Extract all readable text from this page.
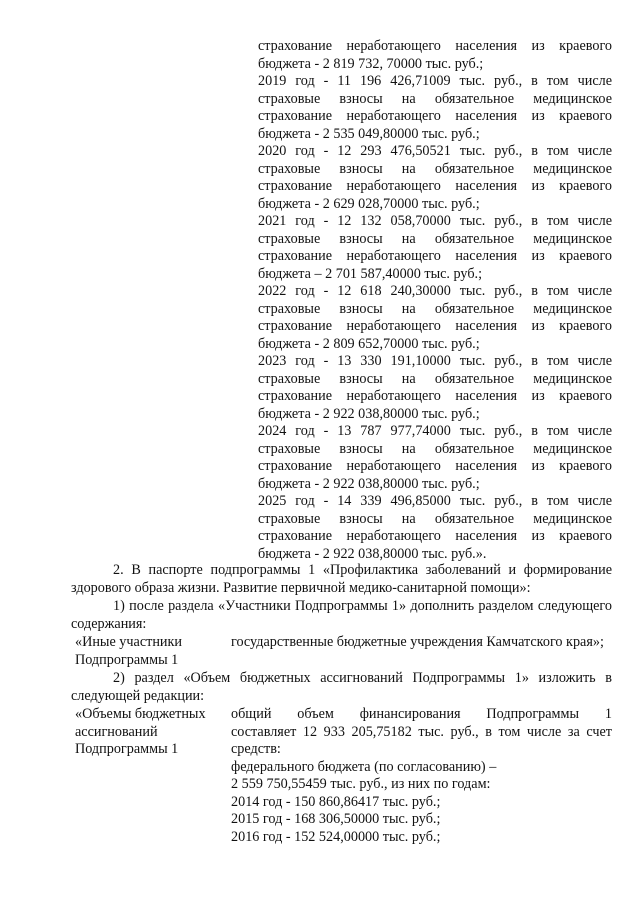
страхование неработающего населения из краевого

бюджета - 2 819 732, 70000 тыс. руб.;

2019 год - 11 196 426,71009 тыс. руб., в том числе

страховые взносы на обязательное медицинское

страхование неработающего населения из краевого

бюджета - 2 535 049,80000 тыс. руб.;

2020 год - 12 293 476,50521 тыс. руб., в том числе

страховые взносы на обязательное медицинское

страхование неработающего населения из краевого

бюджета - 2 629 028,70000 тыс. руб.;

2021 год - 12 132 058,70000 тыс. руб., в том числе

страховые взносы на обязательное медицинское

страхование неработающего населения из краевого

бюджета – 2 701 587,40000 тыс. руб.;

2022 год - 12 618 240,30000 тыс. руб., в том числе

страховые взносы на обязательное медицинское

страхование неработающего населения из краевого

бюджета - 2 809 652,70000 тыс. руб.;

2023 год - 13 330 191,10000 тыс. руб., в том числе

страховые взносы на обязательное медицинское

страхование неработающего населения из краевого

бюджета - 2 922 038,80000 тыс. руб.;

2024 год - 13 787 977,74000 тыс. руб., в том числе

страховые взносы на обязательное медицинское

страхование неработающего населения из краевого

бюджета - 2 922 038,80000 тыс. руб.;

2025 год - 14 339 496,85000 тыс. руб., в том числе

страховые взносы на обязательное медицинское

страхование неработающего населения из краевого

бюджета - 2 922 038,80000 тыс. руб.».

2. В паспорте подпрограммы 1 «Профилактика заболеваний и формирование здорового образа жизни. Развитие первичной медико-санитарной помощи»:

1) после раздела «Участники Подпрограммы 1» дополнить разделом следующего содержания:

«Иные участники Подпрограммы 1
государственные бюджетные учреждения Камчатского края»;

2) раздел «Объем бюджетных ассигнований Подпрограммы 1» изложить в следующей редакции:

«Объемы бюджетных ассигнований Подпрограммы 1

общий объем финансирования Подпрограммы 1

составляет 12 933 205,75182 тыс. руб., в том числе за счет

средств:

федерального бюджета (по согласованию) –

2 559 750,55459 тыс. руб., из них по годам:

2014 год - 150 860,86417 тыс. руб.;

2015 год - 168 306,50000 тыс. руб.;

2016 год - 152 524,00000 тыс. руб.;
